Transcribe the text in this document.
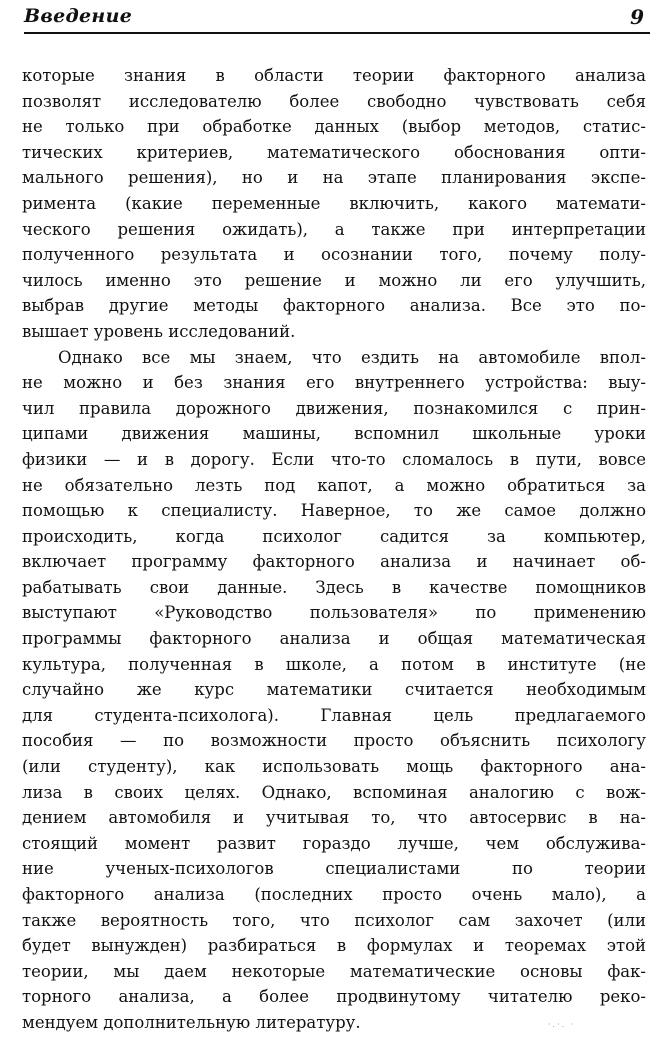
Введение	9
которые знания в области теории факторного анализа
позволят исследователю более свободно чувствовать себя
не только при обработке данных (выбор методов, статис-
тических критериев, математического обоснования опти-
мального решения), но и на этапе планирования экспе-
римента (какие переменные включить, какого математи-
ческого решения ожидать), а также при интерпретации
полученного результата и осознании того, почему полу-
чилось именно это решение и можно ли его улучшить,
выбрав другие методы факторного анализа. Все это по-
вышает уровень исследований.
Однако все мы знаем, что ездить на автомобиле впол-
не можно и без знания его внутреннего устройства: выу-
чил правила дорожного движения, познакомился с прин-
ципами движения машины, вспомнил школьные уроки
физики — и в дорогу. Если что-то сломалось в пути, вовсе
не обязательно лезть под капот, а можно обратиться за
помощью к специалисту. Наверное, то же самое должно
происходить, когда психолог садится за компьютер,
включает программу факторного анализа и начинает об-
рабатывать свои данные. Здесь в качестве помощников
выступают «Руководство пользователя» по применению
программы факторного анализа и общая математическая
культура, полученная в школе, а потом в институте (не
случайно же курс математики считается необходимым
для студента-психолога). Главная цель предлагаемого
пособия — по возможности просто объяснить психологу
(или студенту), как использовать мощь факторного ана-
лиза в своих целях. Однако, вспоминая аналогию с вож-
дением автомобиля и учитывая то, что автосервис в на-
стоящий момент развит гораздо лучше, чем обслужива-
ние ученых-психологов специалистами по теории
факторного анализа (последних просто очень мало), а
также вероятность того, что психолог сам захочет (или
будет вынужден) разбираться в формулах и теоремах этой
теории, мы даем некоторые математические основы фак-
торного анализа, а более продвинутому читателю реко-
мендуем дополнительную литературу.	·.·. ·
